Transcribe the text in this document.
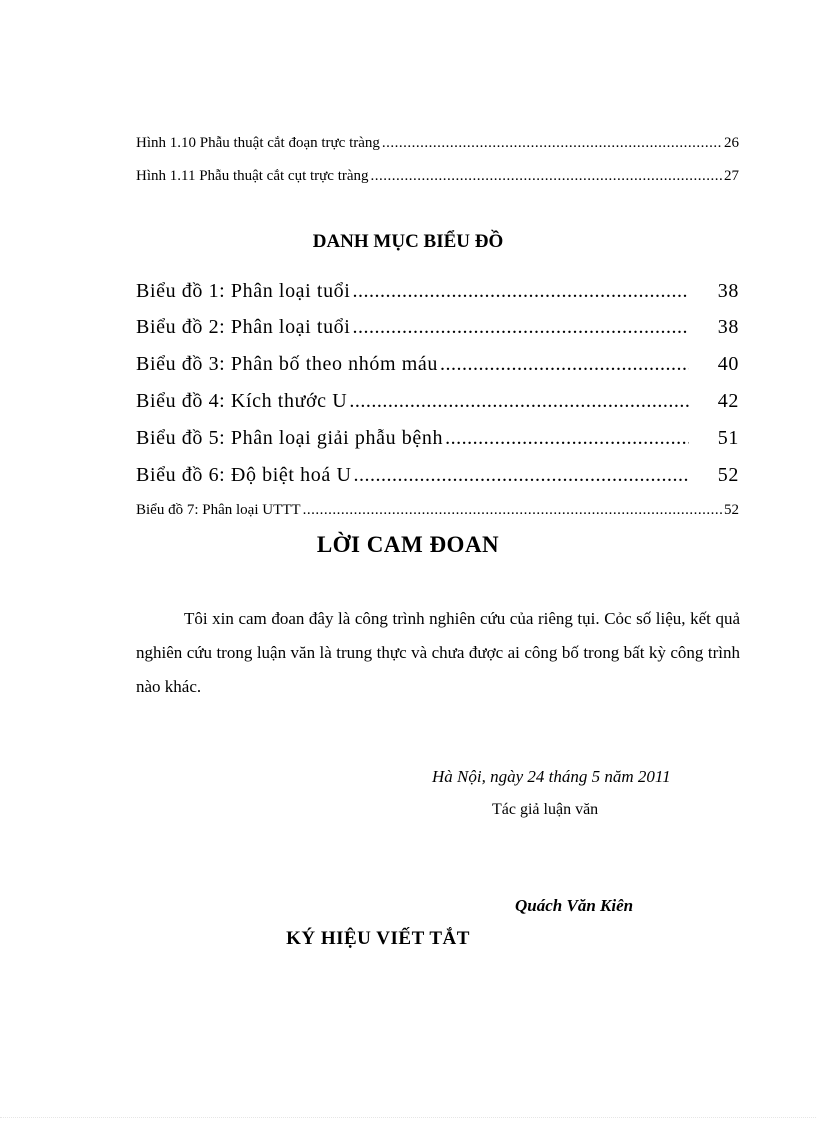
Hình 1.10 Phẫu thuật cắt đoạn trực tràng .....	26
Hình 1.11 Phẫu thuật cắt cụt trực tràng .....	27
DANH MỤC BIỂU ĐỒ
Biểu đồ 1: Phân loại tuổi .....	38
Biểu đồ 2: Phân loại tuổi .....	38
Biểu đồ 3: Phân bố theo nhóm máu .....	40
Biểu đồ 4: Kích thước U .....	42
Biểu đồ 5: Phân loại giải phẫu bệnh .....	51
Biểu đồ 6: Độ biệt hoá U .....	52
Biểu đồ 7: Phân loại UTTT .....	52
LỜI CAM ĐOAN
Tôi xin cam đoan đây là công trình nghiên cứu của riêng tụi. Cỏc số liệu, kết quả nghiên cứu trong luận văn là trung thực và chưa được ai công bố trong bất kỳ công trình nào khác.
Hà Nội, ngày 24 tháng 5 năm 2011
Tác giả luận văn
Quách Văn Kiên
KÝ HIỆU VIẾT TẮT
